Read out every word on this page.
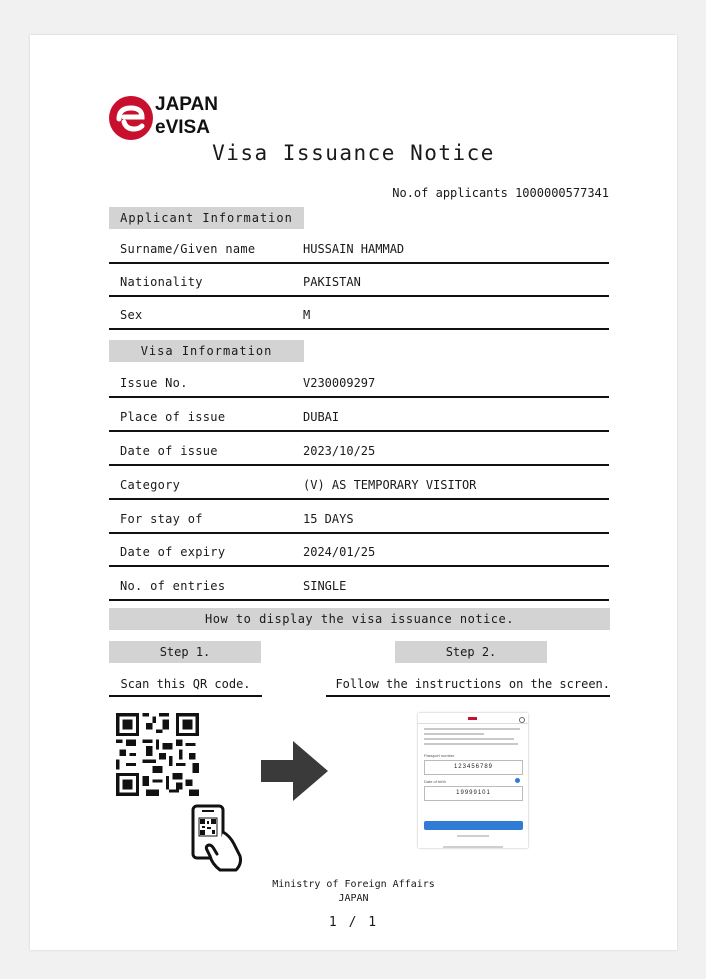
JAPAN
eVISA
Visa Issuance Notice
No.of applicants 1000000577341
Applicant Information
Surname/Given name	HUSSAIN HAMMAD
Nationality	PAKISTAN
Sex	M
Visa Information
Issue No.	V230009297
Place of issue	DUBAI
Date of issue	2023/10/25
Category	(V) AS TEMPORARY VISITOR
For stay of	15 DAYS
Date of expiry	2024/01/25
No. of entries	SINGLE
How to display the visa issuance notice.
Step 1.	Step 2.
Scan this QR code.	Follow the instructions on the screen.
Passport number
123456789
Date of birth
19999101
Ministry of Foreign Affairs
JAPAN
1 / 1
